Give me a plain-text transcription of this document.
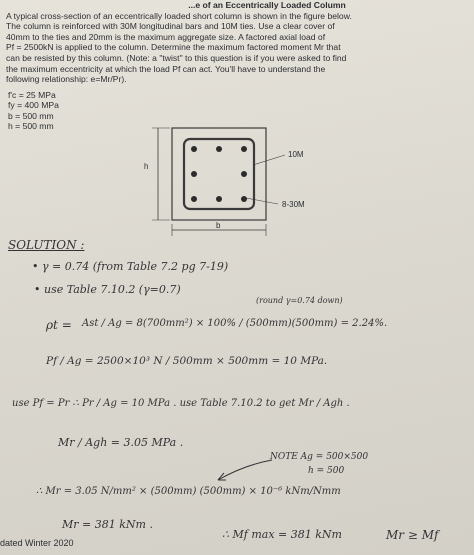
...e of an Eccentrically Loaded Column
A typical cross-section of an eccentrically loaded short column is shown in the figure below.
The column is reinforced with 30M longitudinal bars and 10M ties. Use a clear cover of
40mm to the ties and 20mm is the maximum aggregate size. A factored axial load of
Pf = 2500kN is applied to the column. Determine the maximum factored moment Mr that
can be resisted by this column. (Note: a "twist" to this question is if you were asked to find
the maximum eccentricity at which the load Pf can act. You'll have to understand the
following relationship: e=Mr/Pr).
f'c = 25 MPa
fy = 400 MPa
b = 500 mm
h = 500 mm
h
b
10M
8-30M
SOLUTION :
• γ = 0.74 (from Table 7.2 pg 7-19)
• use Table 7.10.2 (γ=0.7)
(round γ=0.74 down)
ρt = Ast / Ag = 8(700mm²) × 100% / (500mm)(500mm) = 2.24%.
Pf / Ag = 2500×10³ N / 500mm × 500mm = 10 MPa.
use Pf = Pr ∴ Pr / Ag = 10 MPa . use Table 7.10.2 to get Mr / Agh .
Mr / Agh = 3.05 MPa .
NOTE Ag = 500×500
h = 500
∴ Mr = 3.05 N/mm² × (500mm) (500mm) × 10⁻⁶ kNm/Nmm
Mr = 381 kNm .
∴ Mf max = 381 kNm	Mr ≥ Mf
dated Winter 2020
